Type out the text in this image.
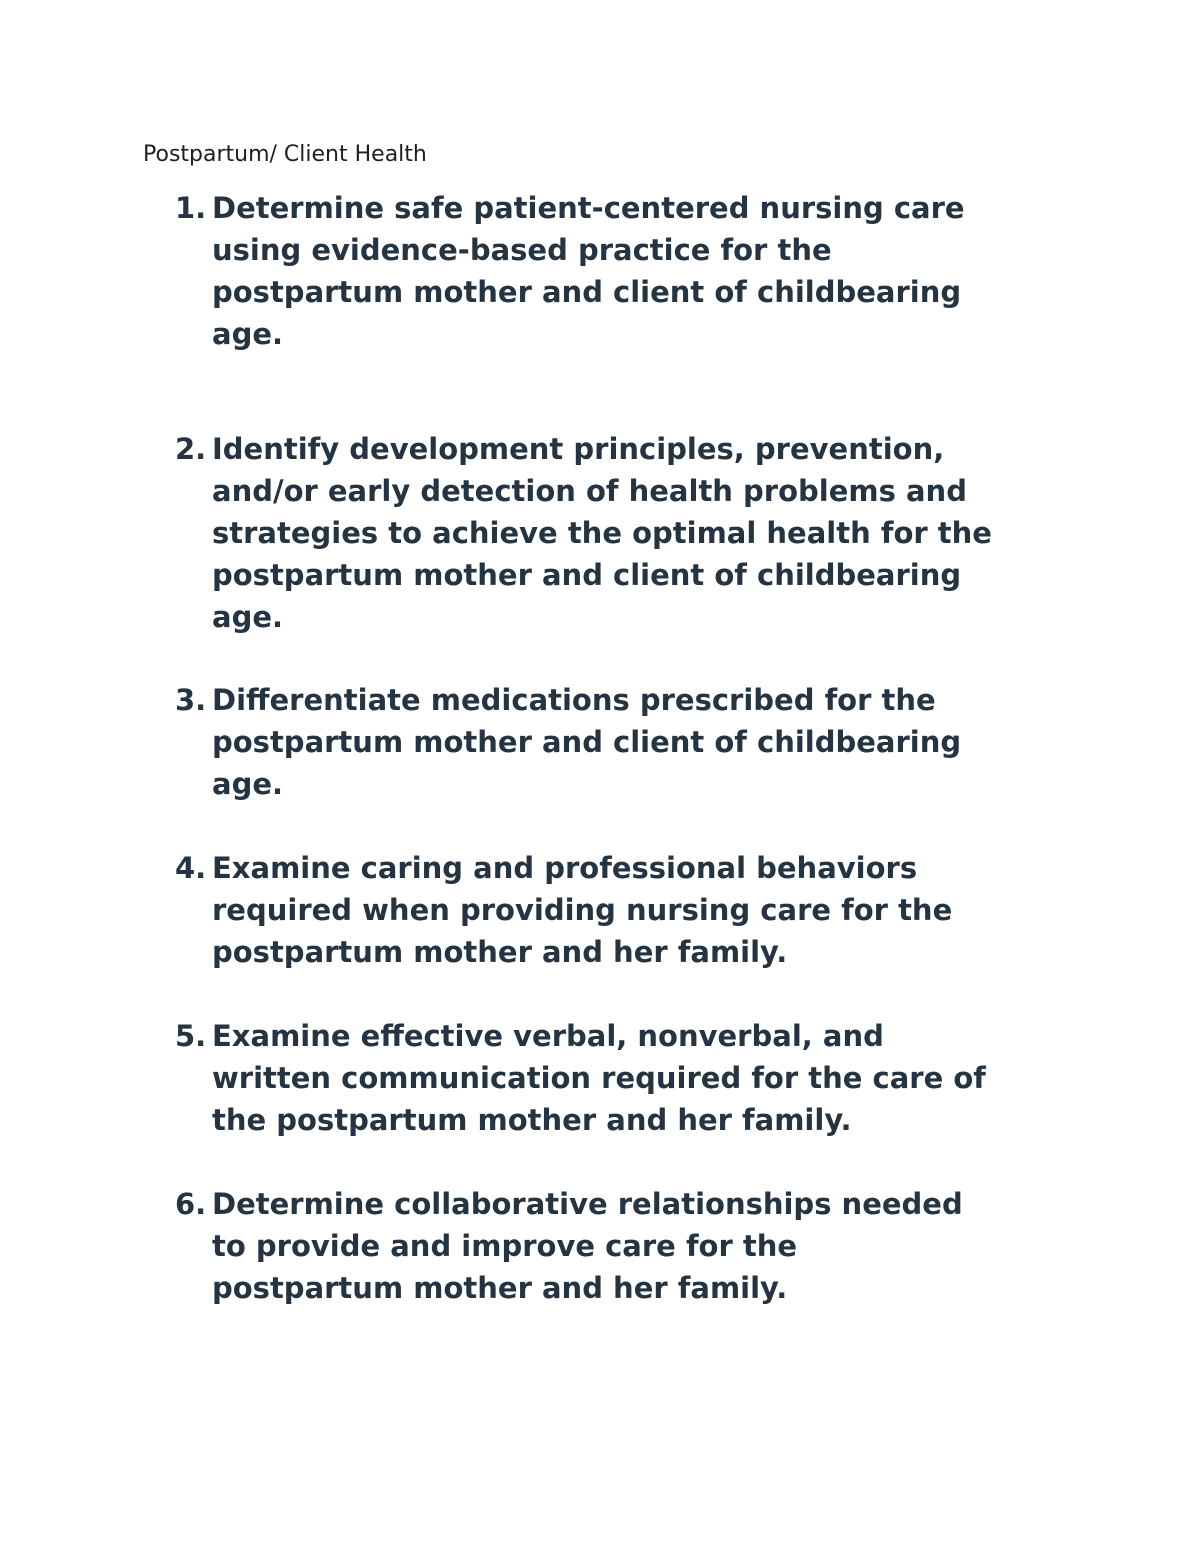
Postpartum/ Client Health
1. Determine safe patient-centered nursing care
using evidence-based practice for the
postpartum mother and client of childbearing
age.
2. Identify development principles, prevention,
and/or early detection of health problems and
strategies to achieve the optimal health for the
postpartum mother and client of childbearing
age.
3. Differentiate medications prescribed for the
postpartum mother and client of childbearing
age.
4. Examine caring and professional behaviors
required when providing nursing care for the
postpartum mother and her family.
5. Examine effective verbal, nonverbal, and
written communication required for the care of
the postpartum mother and her family.
6. Determine collaborative relationships needed
to provide and improve care for the
postpartum mother and her family.
